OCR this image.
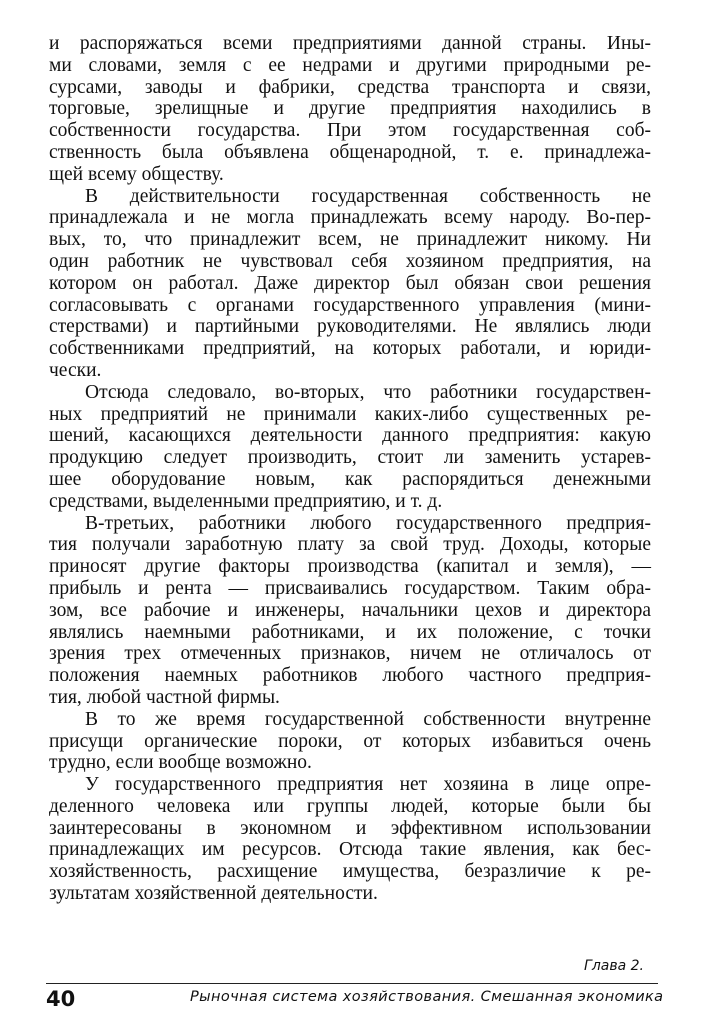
и распоряжаться всеми предприятиями данной страны. Ины-
ми словами, земля с ее недрами и другими природными ре-
сурсами, заводы и фабрики, средства транспорта и связи,
торговые, зрелищные и другие предприятия находились в
собственности государства. При этом государственная соб-
ственность была объявлена общенародной, т. е. принадлежа-
щей всему обществу.
В действительности государственная собственность не
принадлежала и не могла принадлежать всему народу. Во-пер-
вых, то, что принадлежит всем, не принадлежит никому. Ни
один работник не чувствовал себя хозяином предприятия, на
котором он работал. Даже директор был обязан свои решения
согласовывать с органами государственного управления (мини-
стерствами) и партийными руководителями. Не являлись люди
собственниками предприятий, на которых работали, и юриди-
чески.
Отсюда следовало, во-вторых, что работники государствен-
ных предприятий не принимали каких-либо существенных ре-
шений, касающихся деятельности данного предприятия: какую
продукцию следует производить, стоит ли заменить устарев-
шее оборудование новым, как распорядиться денежными
средствами, выделенными предприятию, и т. д.
В-третьих, работники любого государственного предприя-
тия получали заработную плату за свой труд. Доходы, которые
приносят другие факторы производства (капитал и земля), —
прибыль и рента — присваивались государством. Таким обра-
зом, все рабочие и инженеры, начальники цехов и директора
являлись наемными работниками, и их положение, с точки
зрения трех отмеченных признаков, ничем не отличалось от
положения наемных работников любого частного предприя-
тия, любой частной фирмы.
В то же время государственной собственности внутренне
присущи органические пороки, от которых избавиться очень
трудно, если вообще возможно.
У государственного предприятия нет хозяина в лице опре-
деленного человека или группы людей, которые были бы
заинтересованы в экономном и эффективном использовании
принадлежащих им ресурсов. Отсюда такие явления, как бес-
хозяйственность, расхищение имущества, безразличие к ре-
зультатам хозяйственной деятельности.
Глава 2.
40	Рыночная система хозяйствования. Смешанная экономика
